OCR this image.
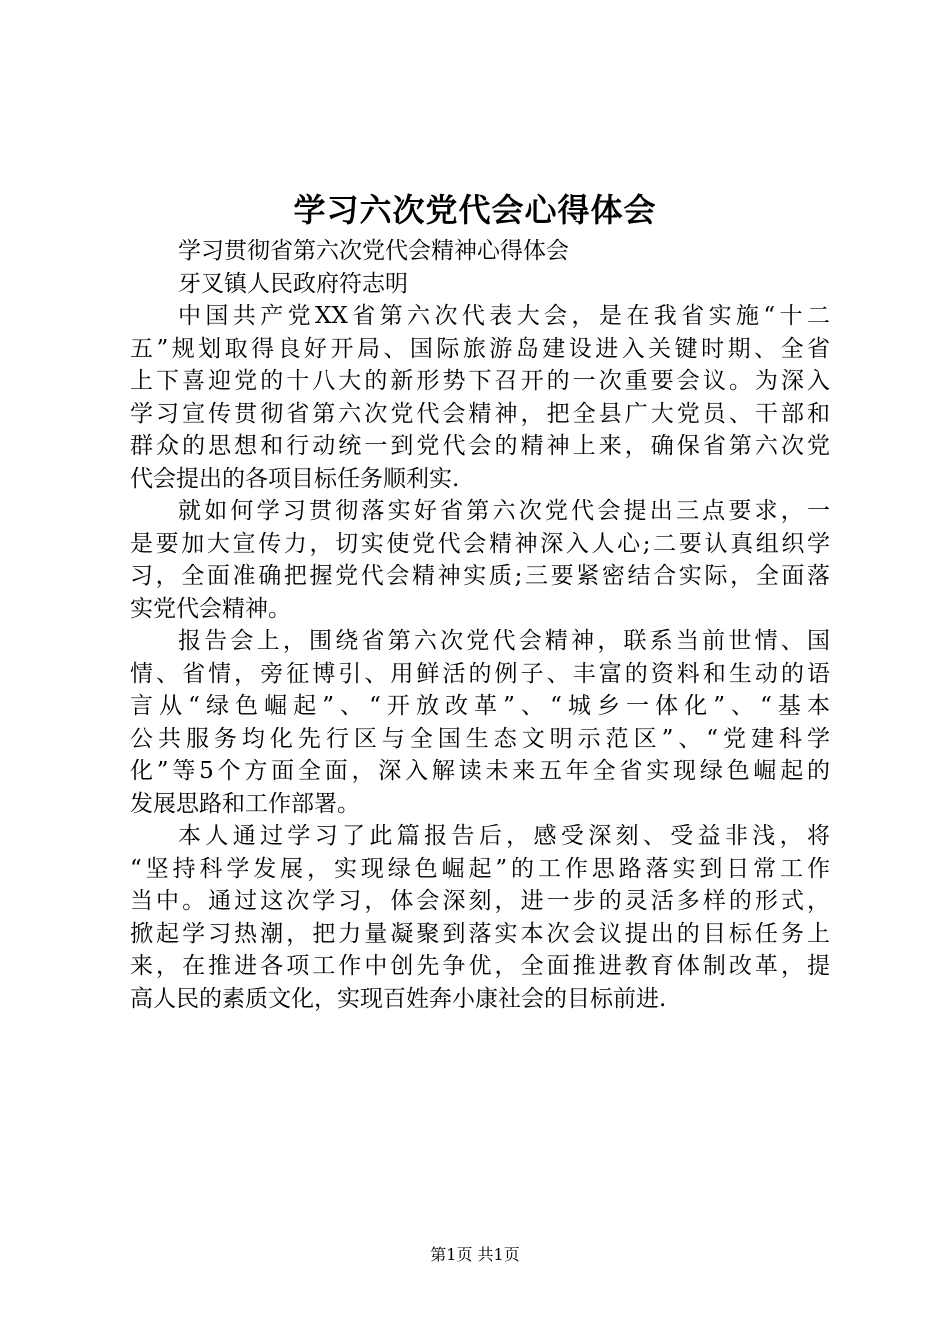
学习六次党代会心得体会
学习贯彻省第六次党代会精神心得体会
牙叉镇人民政府符志明
中国共产党XX省第六次代表大会，是在我省实施“十二
五”规划取得良好开局、国际旅游岛建设进入关键时期、全省
上下喜迎党的十八大的新形势下召开的一次重要会议。为深入
学习宣传贯彻省第六次党代会精神，把全县广大党员、干部和
群众的思想和行动统一到党代会的精神上来，确保省第六次党
代会提出的各项目标任务顺利实.
就如何学习贯彻落实好省第六次党代会提出三点要求，一
是要加大宣传力，切实使党代会精神深入人心;二要认真组织学
习，全面准确把握党代会精神实质;三要紧密结合实际，全面落
实党代会精神。
报告会上，围绕省第六次党代会精神，联系当前世情、国
情、省情，旁征博引、用鲜活的例子、丰富的资料和生动的语
言从“绿色崛起”、“开放改革”、“城乡一体化”、“基本
公共服务均化先行区与全国生态文明示范区”、“党建科学
化”等5个方面全面，深入解读未来五年全省实现绿色崛起的
发展思路和工作部署。
本人通过学习了此篇报告后，感受深刻、受益非浅，将
“坚持科学发展，实现绿色崛起”的工作思路落实到日常工作
当中。通过这次学习，体会深刻，进一步的灵活多样的形式，
掀起学习热潮，把力量凝聚到落实本次会议提出的目标任务上
来，在推进各项工作中创先争优，全面推进教育体制改革，提
高人民的素质文化，实现百姓奔小康社会的目标前进.
第1页 共1页
